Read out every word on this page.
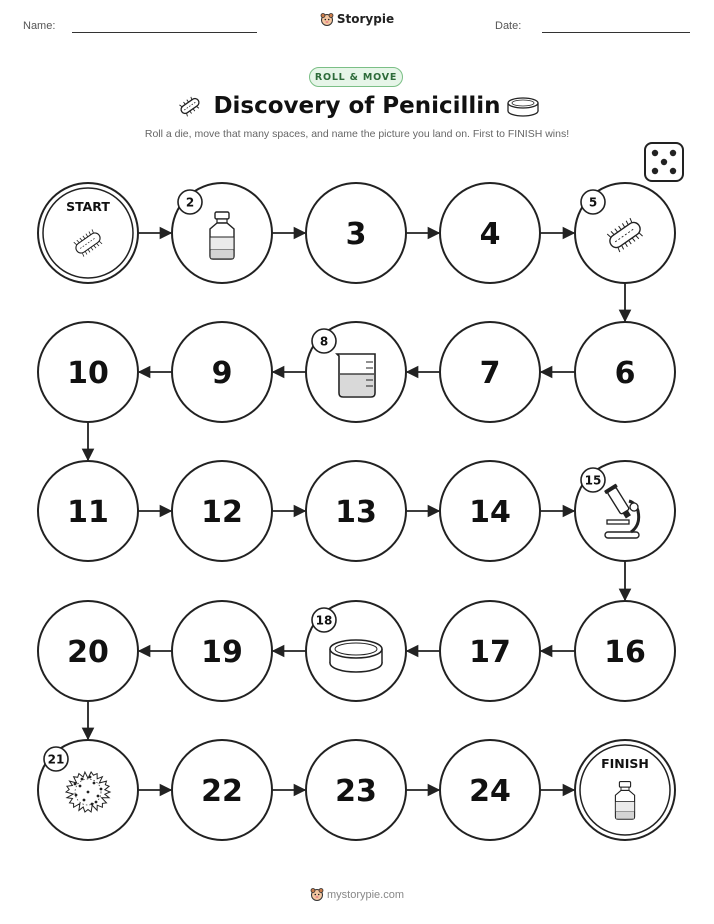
Name:	Storypie	Date:
ROLL & MOVE
Discovery of Penicillin
Roll a die, move that many spaces, and name the picture you land on. First to FINISH wins!
START	2
3	4
5
6
7
8
9
10
11	12	13	14
15
16
17
18
19
20
21
22	23	24
FINISH
mystorypie.com
